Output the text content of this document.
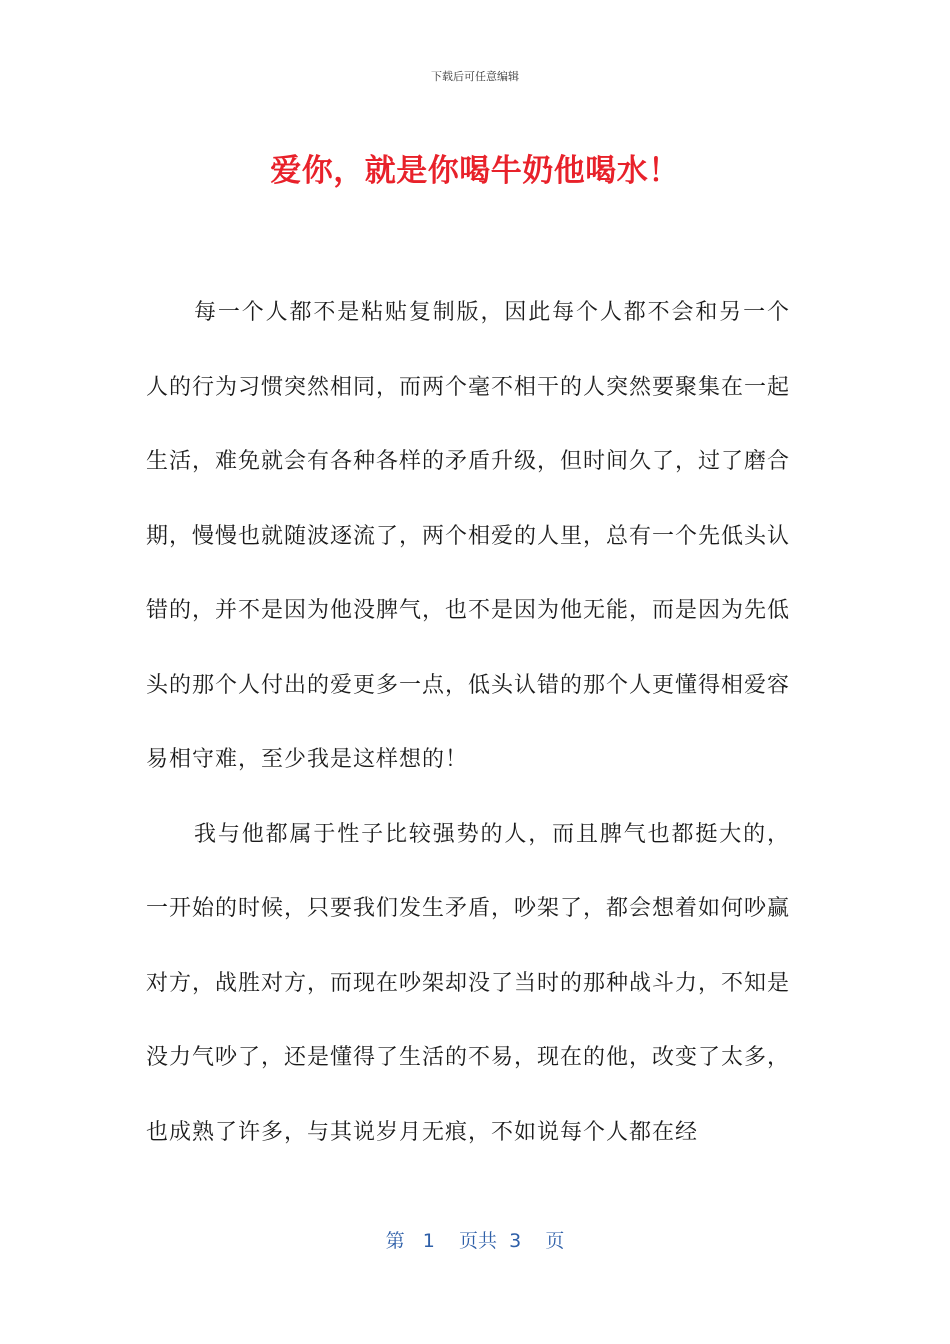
下载后可任意编辑
爱你，就是你喝牛奶他喝水！

每一个人都不是粘贴复制版，因此每个人都不会和另一个人的行为习惯突然相同，而两个毫不相干的人突然要聚集在一起生活，难免就会有各种各样的矛盾升级，但时间久了，过了磨合期，慢慢也就随波逐流了，两个相爱的人里，总有一个先低头认错的，并不是因为他没脾气，也不是因为他无能，而是因为先低头的那个人付出的爱更多一点，低头认错的那个人更懂得相爱容易相守难，至少我是这样想的！

我与他都属于性子比较强势的人，而且脾气也都挺大的，一开始的时候，只要我们发生矛盾，吵架了，都会想着如何吵赢对方，战胜对方，而现在吵架却没了当时的那种战斗力，不知是没力气吵了，还是懂得了生活的不易，现在的他，改变了太多，也成熟了许多，与其说岁月无痕，不如说每个人都在经

第 1 页共 3 页
